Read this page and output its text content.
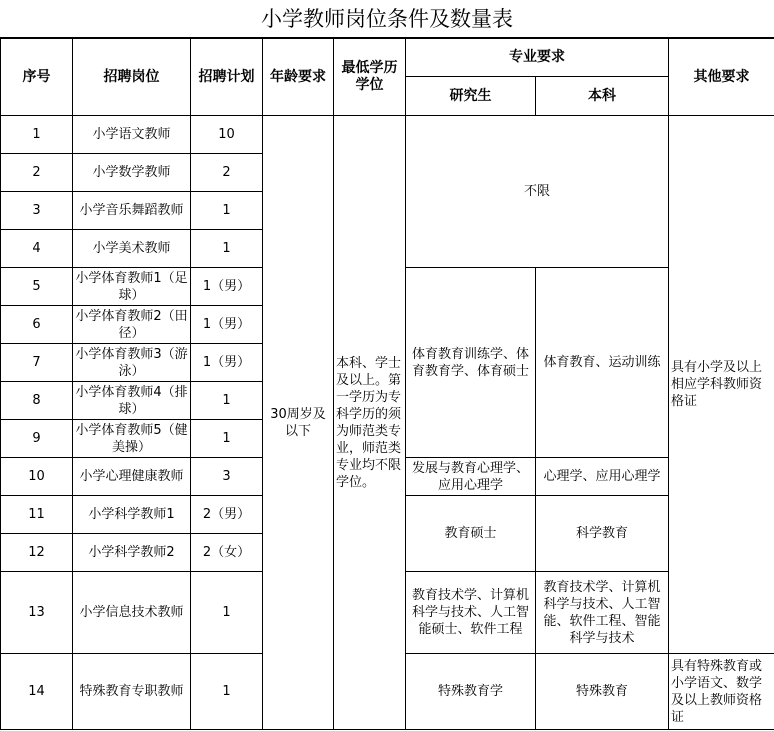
小学教师岗位条件及数量表
序号	招聘岗位	招聘计划	年龄要求	最低学历 学位	专业要求		其他要求
					研究生	本科	
1	小学语文教师	10	30周岁及以下	本科、学士及以上。第一学历为专科学历的须为师范类专业，师范类专业均不限学位。	不限		具有小学及以上相应学科教师资格证
2	小学数学教师	2					
3	小学音乐舞蹈教师	1					
4	小学美术教师	1					
5	小学体育教师1（足球）	1（男）			体育教育训练学、体育教育学、体育硕士	体育教育、运动训练	
6	小学体育教师2（田径）	1（男）					
7	小学体育教师3（游泳）	1（男）					
8	小学体育教师4（排球）	1					
9	小学体育教师5（健美操）	1					
10	小学心理健康教师	3			发展与教育心理学、应用心理学	心理学、应用心理学	
11	小学科学教师1	2（男）			教育硕士	科学教育	
12	小学科学教师2	2（女）					
13	小学信息技术教师	1			教育技术学、计算机科学与技术、人工智能硕士、软件工程	教育技术学、计算机科学与技术、人工智能、软件工程、智能科学与技术	
14	特殊教育专职教师	1			特殊教育学	特殊教育	具有特殊教育或小学语文、数学及以上教师资格证
